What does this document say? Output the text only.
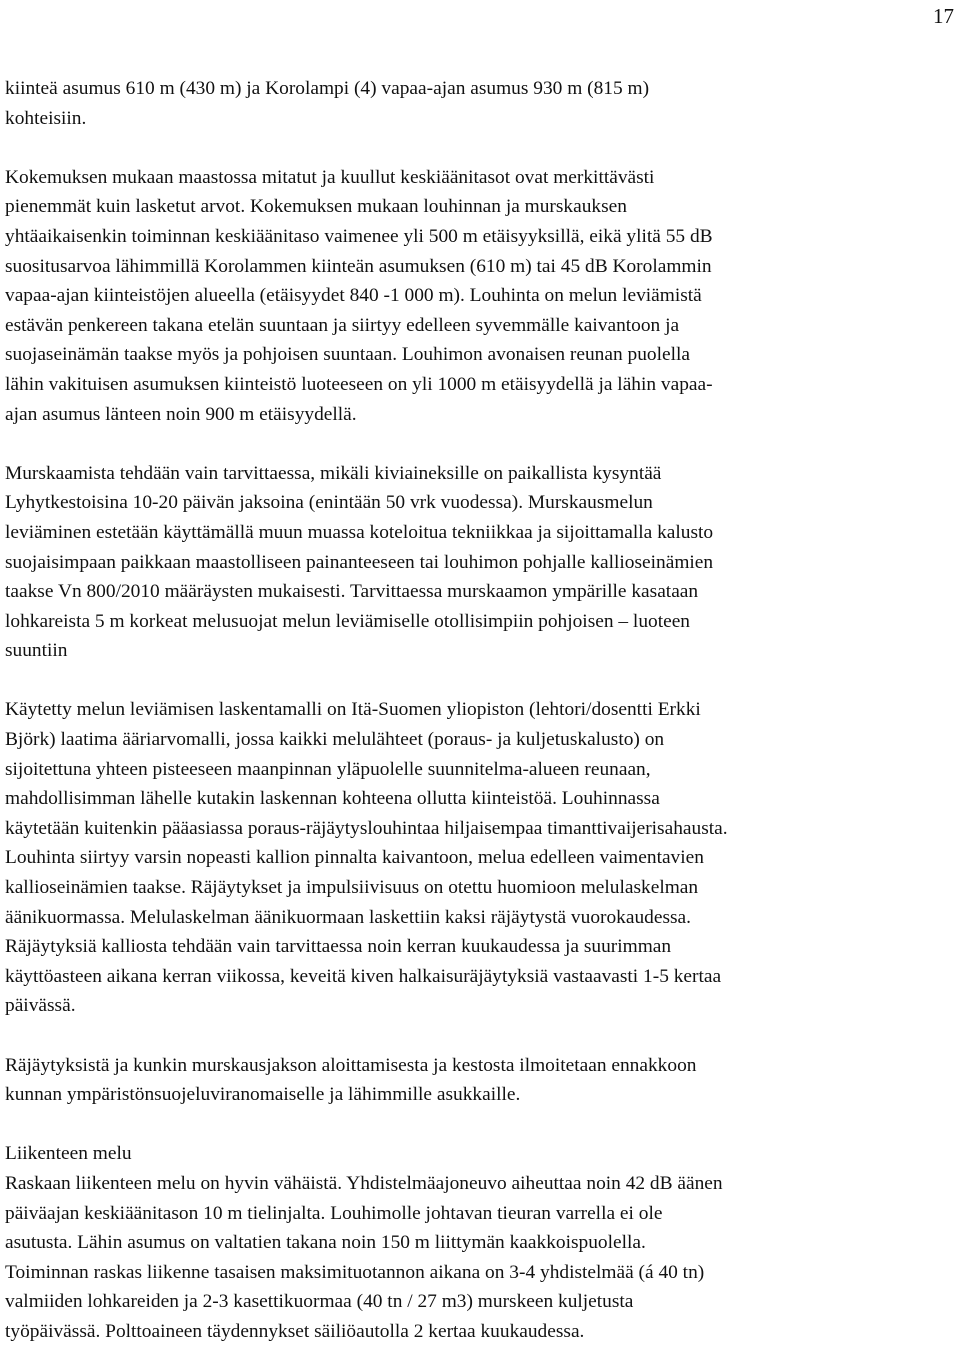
17

kiinteä asumus 610 m (430 m) ja Korolampi (4) vapaa-ajan asumus 930 m (815 m)
kohteisiin.

Kokemuksen mukaan maastossa mitatut ja kuullut keskiäänitasot ovat merkittävästi
pienemmät kuin lasketut arvot. Kokemuksen mukaan louhinnan ja murskauksen
yhtäaikaisenkin toiminnan keskiäänitaso vaimenee yli 500 m etäisyyksillä, eikä ylitä 55 dB
suositusarvoa lähimmillä Korolammen kiinteän asumuksen (610 m) tai 45 dB Korolammin
vapaa-ajan kiinteistöjen alueella (etäisyydet 840 -1 000 m). Louhinta on melun leviämistä
estävän penkereen takana etelän suuntaan ja siirtyy edelleen syvemmälle kaivantoon ja
suojaseinämän taakse myös ja pohjoisen suuntaan. Louhimon avonaisen reunan puolella
lähin vakituisen asumuksen kiinteistö luoteeseen on yli 1000 m etäisyydellä ja lähin vapaa-
ajan asumus länteen noin 900 m etäisyydellä.

Murskaamista tehdään vain tarvittaessa, mikäli kiviaineksille on paikallista kysyntää
Lyhytkestoisina 10-20 päivän jaksoina (enintään 50 vrk vuodessa). Murskausmelun
leviäminen estetään käyttämällä muun muassa koteloitua tekniikkaa ja sijoittamalla kalusto
suojaisimpaan paikkaan maastolliseen painanteeseen tai louhimon pohjalle kallioseinämien
taakse Vn 800/2010 määräysten mukaisesti. Tarvittaessa murskaamon ympärille kasataan
lohkareista 5 m korkeat melusuojat melun leviämiselle otollisimpiin pohjoisen – luoteen
suuntiin

Käytetty melun leviämisen laskentamalli on Itä-Suomen yliopiston (lehtori/dosentti Erkki
Björk) laatima ääriarvomalli, jossa kaikki melulähteet (poraus- ja kuljetuskalusto) on
sijoitettuna yhteen pisteeseen maanpinnan yläpuolelle suunnitelma-alueen reunaan,
mahdollisimman lähelle kutakin laskennan kohteena ollutta kiinteistöä. Louhinnassa
käytetään kuitenkin pääasiassa poraus-räjäytyslouhintaa hiljaisempaa timanttivaijerisahausta.
Louhinta siirtyy varsin nopeasti kallion pinnalta kaivantoon, melua edelleen vaimentavien
kallioseinämien taakse. Räjäytykset ja impulsiivisuus on otettu huomioon melulaskelman
äänikuormassa. Melulaskelman äänikuormaan laskettiin kaksi räjäytystä vuorokaudessa.
Räjäytyksiä kalliosta tehdään vain tarvittaessa noin kerran kuukaudessa ja suurimman
käyttöasteen aikana kerran viikossa, keveitä kiven halkaisuräjäytyksiä vastaavasti 1-5 kertaa
päivässä.

Räjäytyksistä ja kunkin murskausjakson aloittamisesta ja kestosta ilmoitetaan ennakkoon
kunnan ympäristönsuojeluviranomaiselle ja lähimmille asukkaille.

Liikenteen melu
Raskaan liikenteen melu on hyvin vähäistä. Yhdistelmäajoneuvo aiheuttaa noin 42 dB äänen
päiväajan keskiäänitason 10 m tielinjalta. Louhimolle johtavan tieuran varrella ei ole
asutusta. Lähin asumus on valtatien takana noin 150 m liittymän kaakkoispuolella.
Toiminnan raskas liikenne tasaisen maksimituotannon aikana on 3-4 yhdistelmää (á 40 tn)
valmiiden lohkareiden ja 2-3 kasettikuormaa (40 tn / 27 m3) murskeen kuljetusta
työpäivässä. Polttoaineen täydennykset säiliöautolla 2 kertaa kuukaudessa.
